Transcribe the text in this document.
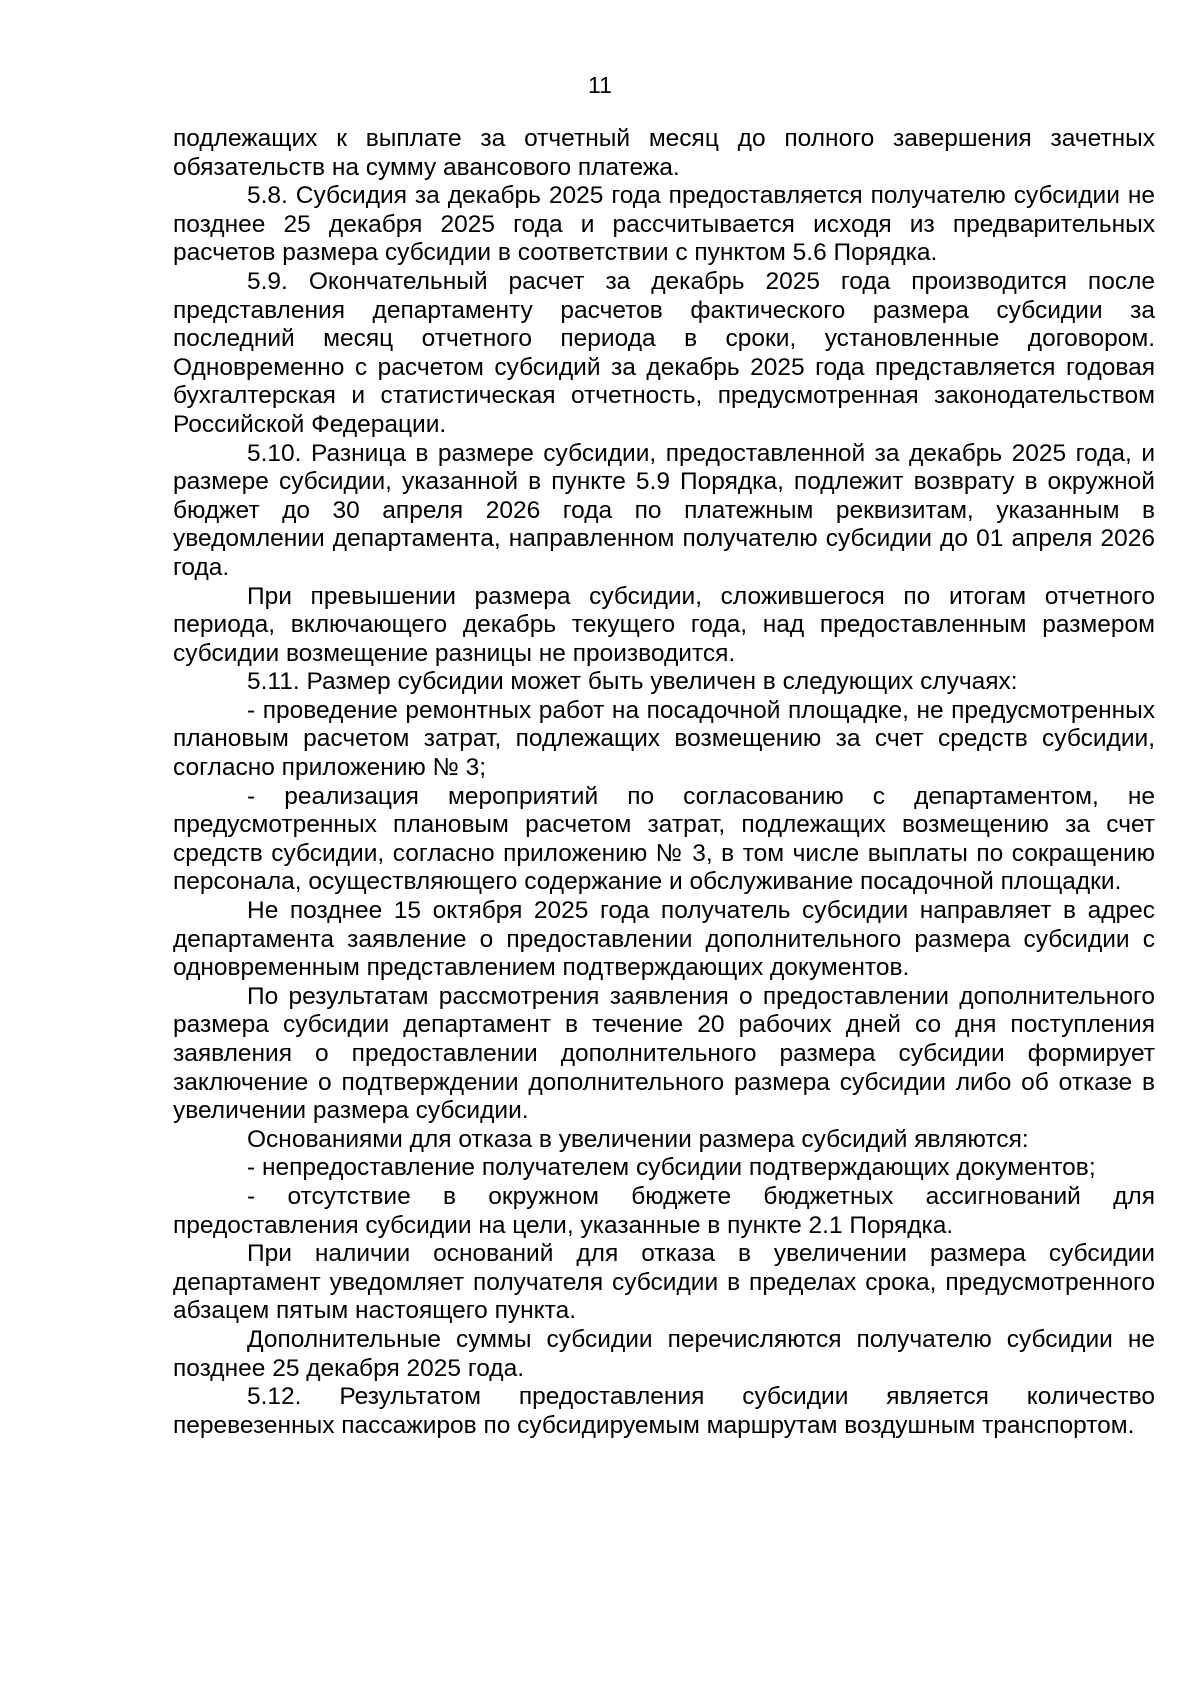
11

подлежащих к выплате за отчетный месяц до полного завершения зачетных обязательств на сумму авансового платежа.

5.8. Субсидия за декабрь 2025 года предоставляется получателю субсидии не позднее 25 декабря 2025 года и рассчитывается исходя из предварительных расчетов размера субсидии в соответствии с пунктом 5.6 Порядка.

5.9. Окончательный расчет за декабрь 2025 года производится после представления департаменту расчетов фактического размера субсидии за последний месяц отчетного периода в сроки, установленные договором. Одновременно с расчетом субсидий за декабрь 2025 года представляется годовая бухгалтерская и статистическая отчетность, предусмотренная законодательством Российской Федерации.

5.10. Разница в размере субсидии, предоставленной за декабрь 2025 года, и размере субсидии, указанной в пункте 5.9 Порядка, подлежит возврату в окружной бюджет до 30 апреля 2026 года по платежным реквизитам, указанным в уведомлении департамента, направленном получателю субсидии до 01 апреля 2026 года.

При превышении размера субсидии, сложившегося по итогам отчетного периода, включающего декабрь текущего года, над предоставленным размером субсидии возмещение разницы не производится.

5.11. Размер субсидии может быть увеличен в следующих случаях:

- проведение ремонтных работ на посадочной площадке, не предусмотренных плановым расчетом затрат, подлежащих возмещению за счет средств субсидии, согласно приложению № 3;

- реализация мероприятий по согласованию с департаментом, не предусмотренных плановым расчетом затрат, подлежащих возмещению за счет средств субсидии, согласно приложению № 3, в том числе выплаты по сокращению персонала, осуществляющего содержание и обслуживание посадочной площадки.

Не позднее 15 октября 2025 года получатель субсидии направляет в адрес департамента заявление о предоставлении дополнительного размера субсидии с одновременным представлением подтверждающих документов.

По результатам рассмотрения заявления о предоставлении дополнительного размера субсидии департамент в течение 20 рабочих дней со дня поступления заявления о предоставлении дополнительного размера субсидии формирует заключение о подтверждении дополнительного размера субсидии либо об отказе в увеличении размера субсидии.

Основаниями для отказа в увеличении размера субсидий являются:

- непредоставление получателем субсидии подтверждающих документов;

- отсутствие в окружном бюджете бюджетных ассигнований для предоставления субсидии на цели, указанные в пункте 2.1 Порядка.

При наличии оснований для отказа в увеличении размера субсидии департамент уведомляет получателя субсидии в пределах срока, предусмотренного абзацем пятым настоящего пункта.

Дополнительные суммы субсидии перечисляются получателю субсидии не позднее 25 декабря 2025 года.

5.12. Результатом предоставления субсидии является количество перевезенных пассажиров по субсидируемым маршрутам воздушным транспортом.
